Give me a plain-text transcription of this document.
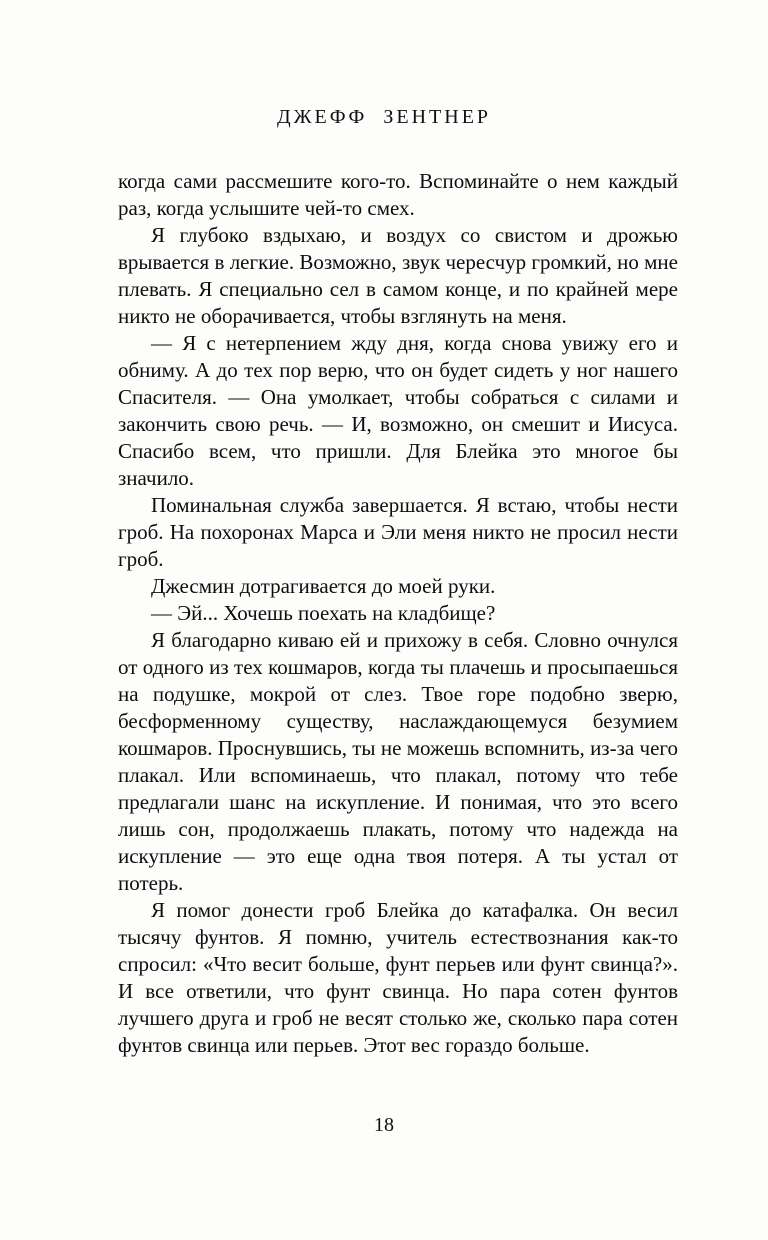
ДЖЕФФ ЗЕНТНЕР

когда сами рассмешите кого-то. Вспоминайте о нем каждый раз, когда услышите чей-то смех.

Я глубоко вздыхаю, и воздух со свистом и дрожью врывается в легкие. Возможно, звук чересчур громкий, но мне плевать. Я специально сел в самом конце, и по крайней мере никто не оборачивается, чтобы взглянуть на меня.

— Я с нетерпением жду дня, когда снова увижу его и обниму. А до тех пор верю, что он будет сидеть у ног нашего Спасителя. — Она умолкает, чтобы собраться с силами и закончить свою речь. — И, возможно, он смешит и Иисуса. Спасибо всем, что пришли. Для Блейка это многое бы значило.

Поминальная служба завершается. Я встаю, чтобы нести гроб. На похоронах Марса и Эли меня никто не просил нести гроб.

Джесмин дотрагивается до моей руки.

— Эй... Хочешь поехать на кладбище?

Я благодарно киваю ей и прихожу в себя. Словно очнулся от одного из тех кошмаров, когда ты плачешь и просыпаешься на подушке, мокрой от слез. Твое горе подобно зверю, бесформенному существу, наслаждающемуся безумием кошмаров. Проснувшись, ты не можешь вспомнить, из-за чего плакал. Или вспоминаешь, что плакал, потому что тебе предлагали шанс на искупление. И понимая, что это всего лишь сон, продолжаешь плакать, потому что надежда на искупление — это еще одна твоя потеря. А ты устал от потерь.

Я помог донести гроб Блейка до катафалка. Он весил тысячу фунтов. Я помню, учитель естествознания как-то спросил: «Что весит больше, фунт перьев или фунт свинца?». И все ответили, что фунт свинца. Но пара сотен фунтов лучшего друга и гроб не весят столько же, сколько пара сотен фунтов свинца или перьев. Этот вес гораздо больше.

18
